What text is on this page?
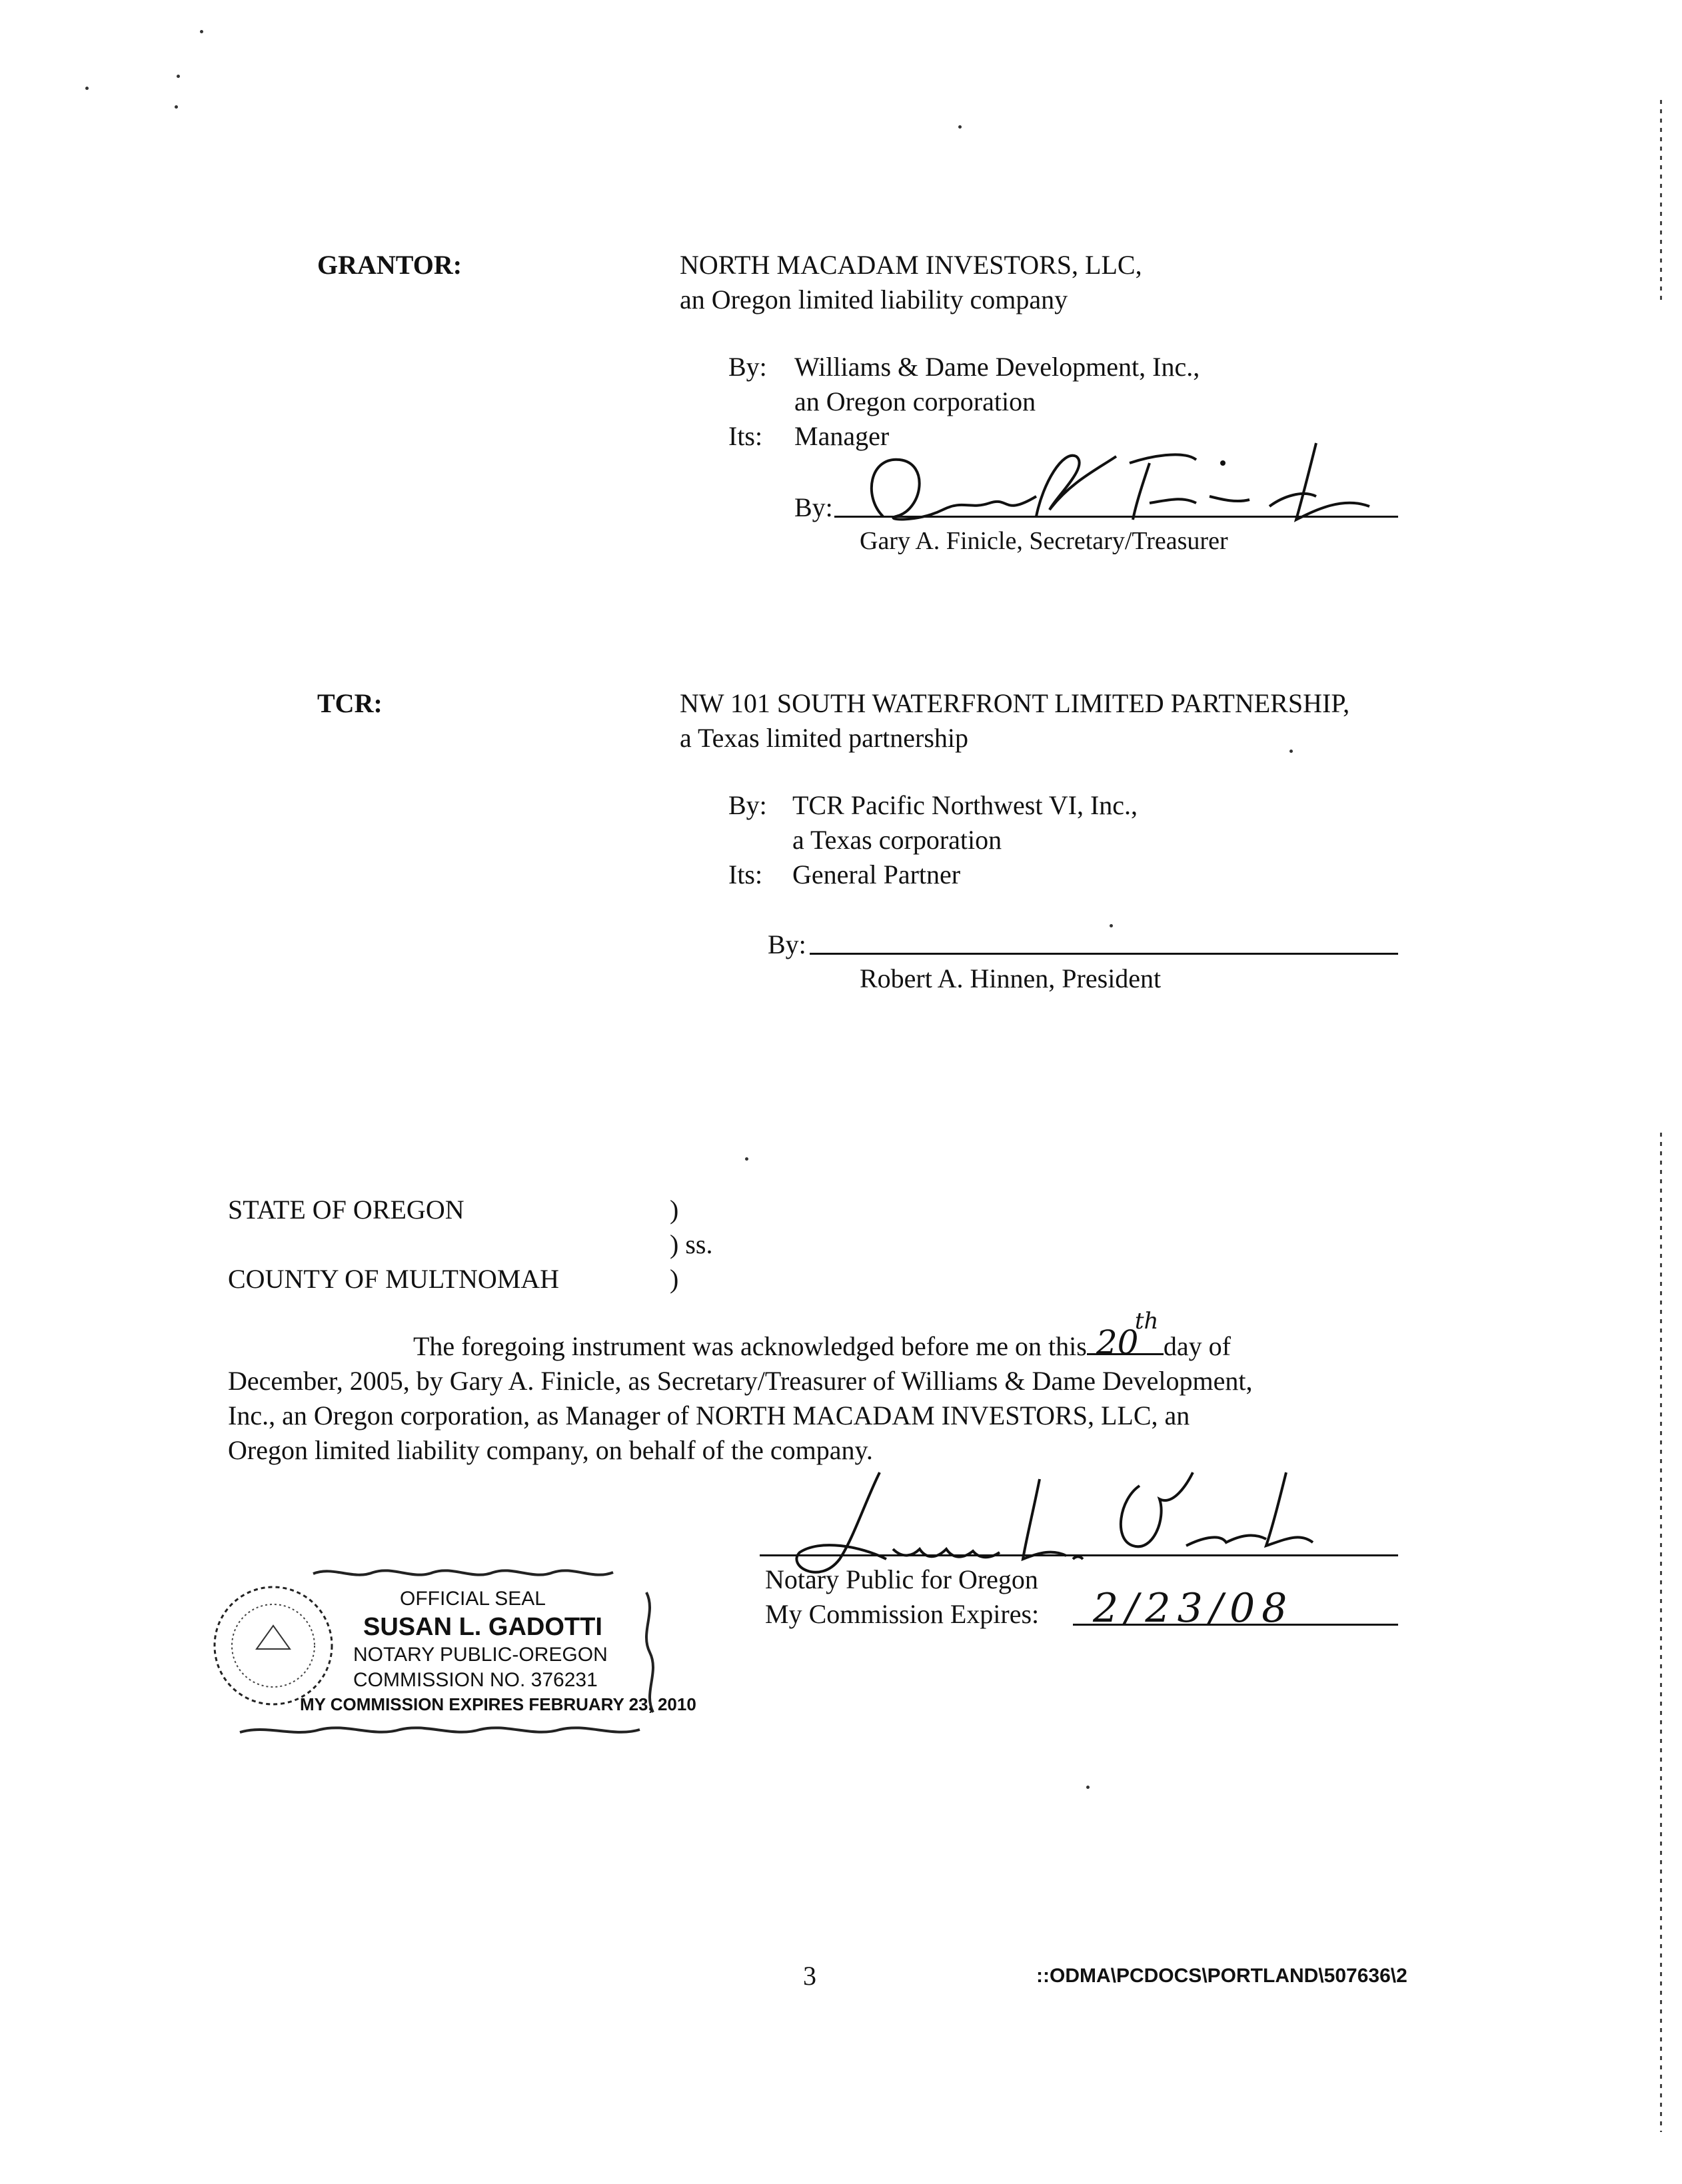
GRANTOR:	NORTH MACADAM INVESTORS, LLC,
an Oregon limited liability company
By: Williams & Dame Development, Inc.,
an Oregon corporation
Its: Manager
By:
Gary A. Finicle, Secretary/Treasurer
TCR:	NW 101 SOUTH WATERFRONT LIMITED PARTNERSHIP,
a Texas limited partnership
By: TCR Pacific Northwest VI, Inc.,
a Texas corporation
Its: General Partner
By:
Robert A. Hinnen, President
STATE OF OREGON	)
) ss.
COUNTY OF MULTNOMAH	)
The foregoing instrument was acknowledged before me on this 20
th
day of
December, 2005, by Gary A. Finicle, as Secretary/Treasurer of Williams & Dame Development,
Inc., an Oregon corporation, as Manager of NORTH MACADAM INVESTORS, LLC, an
Oregon limited liability company, on behalf of the company.
Notary Public for Oregon
My Commission Expires: 2/23/08
OFFICIAL SEAL
SUSAN L. GADOTTI
NOTARY PUBLIC-OREGON
COMMISSION NO. 376231
MY COMMISSION EXPIRES FEBRUARY 23, 2010
3	::ODMA\PCDOCS\PORTLAND\507636\2
